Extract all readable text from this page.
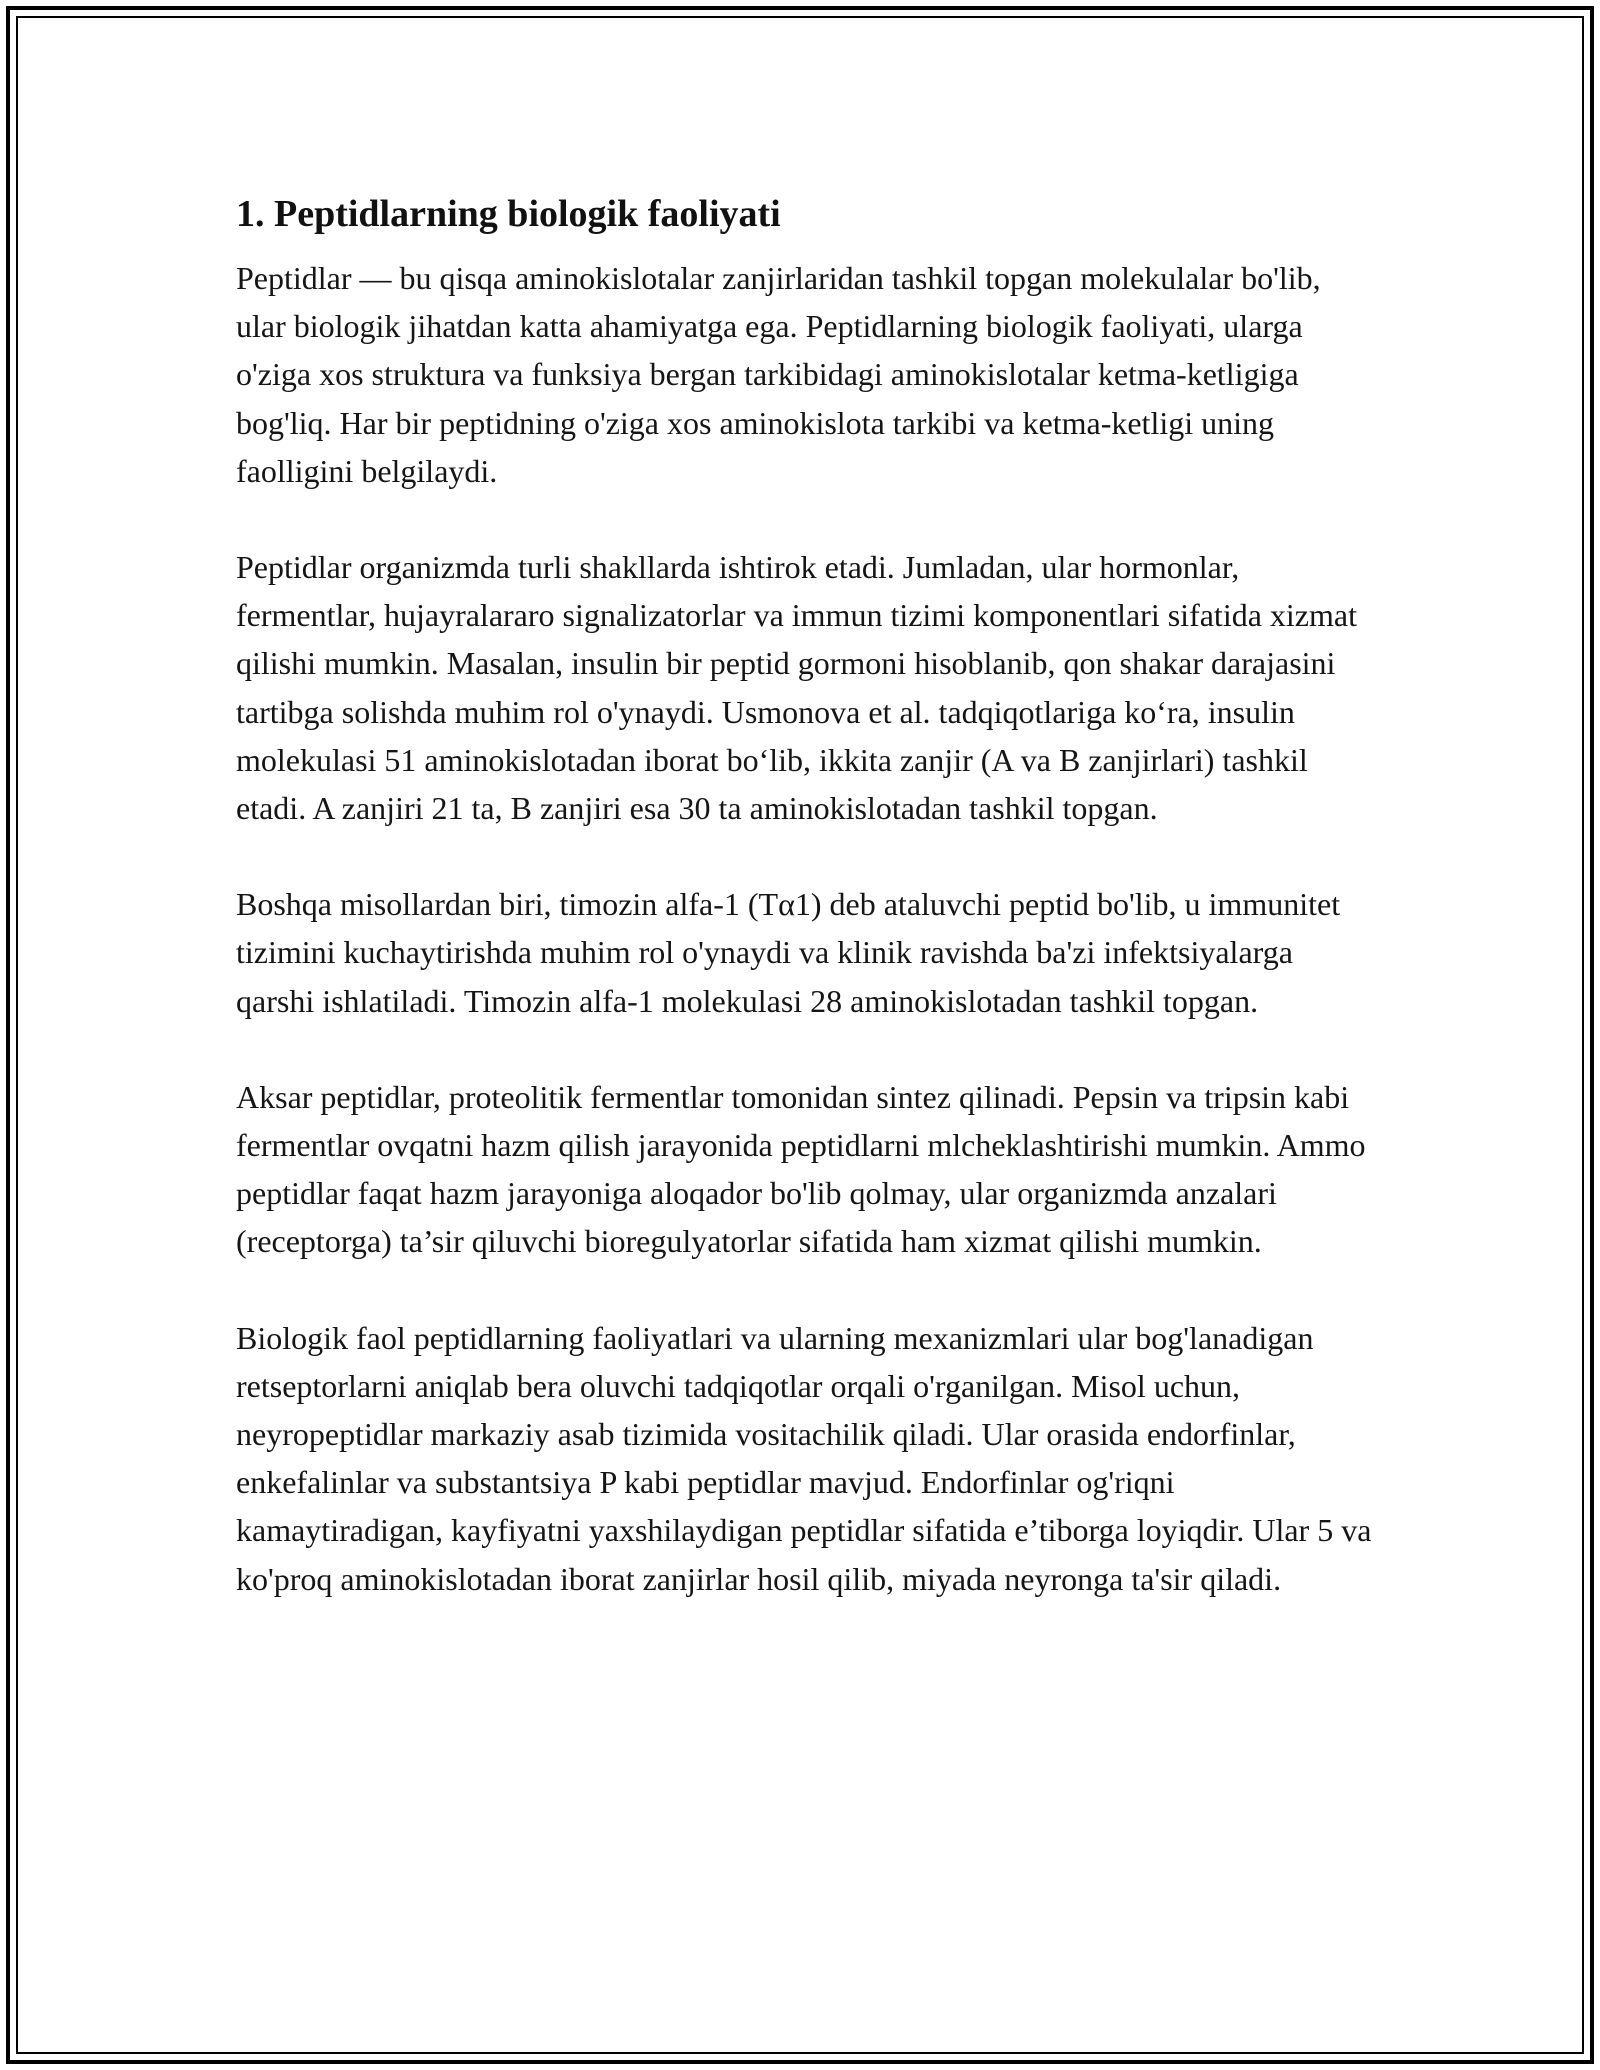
1. Peptidlarning biologik faoliyati

Peptidlar — bu qisqa aminokislotalar zanjirlaridan tashkil topgan molekulalar bo'lib, ular biologik jihatdan katta ahamiyatga ega. Peptidlarning biologik faoliyati, ularga o'ziga xos struktura va funksiya bergan tarkibidagi aminokislotalar ketma-ketligiga bog'liq. Har bir peptidning o'ziga xos aminokislota tarkibi va ketma-ketligi uning faolligini belgilaydi.

Peptidlar organizmda turli shakllarda ishtirok etadi. Jumladan, ular hormonlar, fermentlar, hujayralararo signalizatorlar va immun tizimi komponentlari sifatida xizmat qilishi mumkin. Masalan, insulin bir peptid gormoni hisoblanib, qon shakar darajasini tartibga solishda muhim rol o'ynaydi. Usmonova et al. tadqiqotlariga koʻra, insulin molekulasi 51 aminokislotadan iborat boʻlib, ikkita zanjir (A va B zanjirlari) tashkil etadi. A zanjiri 21 ta, B zanjiri esa 30 ta aminokislotadan tashkil topgan.

Boshqa misollardan biri, timozin alfa-1 (Tα1) deb ataluvchi peptid bo'lib, u immunitet tizimini kuchaytirishda muhim rol o'ynaydi va klinik ravishda ba'zi infektsiyalarga qarshi ishlatiladi. Timozin alfa-1 molekulasi 28 aminokislotadan tashkil topgan.

Aksar peptidlar, proteolitik fermentlar tomonidan sintez qilinadi. Pepsin va tripsin kabi fermentlar ovqatni hazm qilish jarayonida peptidlarni mlcheklashtirishi mumkin. Ammo peptidlar faqat hazm jarayoniga aloqador bo'lib qolmay, ular organizmda anzalari (receptorga) ta’sir qiluvchi bioregulyatorlar sifatida ham xizmat qilishi mumkin.

Biologik faol peptidlarning faoliyatlari va ularning mexanizmlari ular bog'lanadigan retseptorlarni aniqlab bera oluvchi tadqiqotlar orqali o'rganilgan. Misol uchun, neyropeptidlar markaziy asab tizimida vositachilik qiladi. Ular orasida endorfinlar, enkefalinlar va substantsiya P kabi peptidlar mavjud. Endorfinlar og'riqni kamaytiradigan, kayfiyatni yaxshilaydigan peptidlar sifatida e’tiborga loyiqdir. Ular 5 va ko'proq aminokislotadan iborat zanjirlar hosil qilib, miyada neyronga ta'sir qiladi.
